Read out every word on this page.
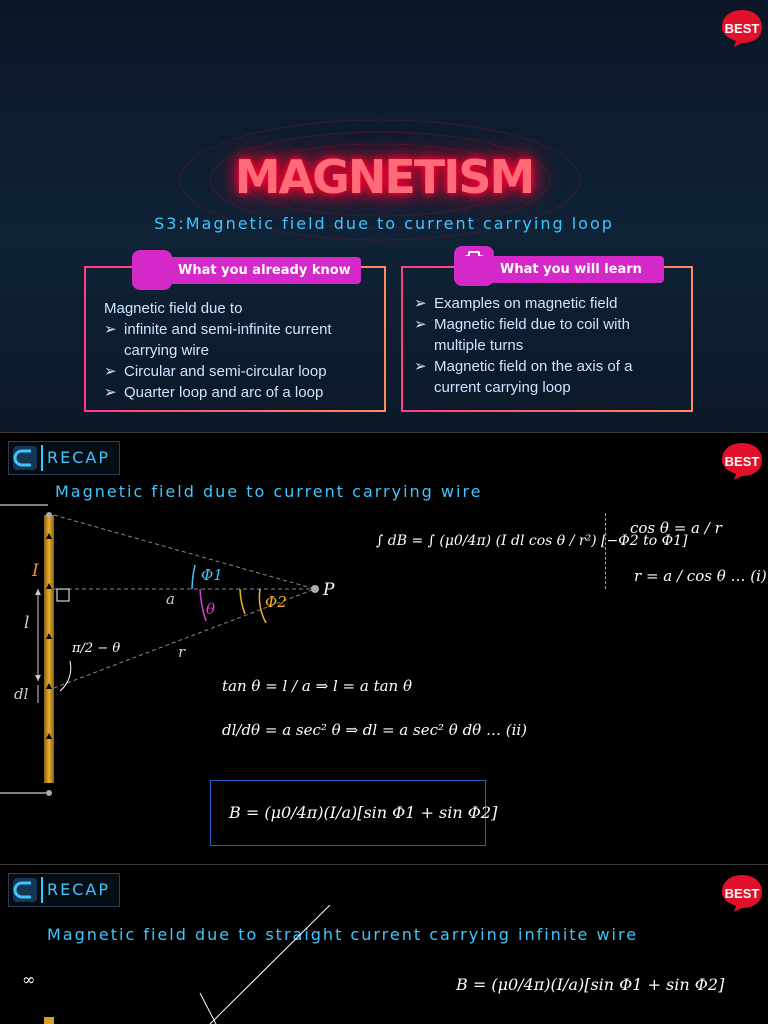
BEST
MAGNETISM
S3:Magnetic field due to current carrying loop
What you already know
Magnetic field due to
➢ infinite and semi-infinite current carrying wire
➢ Circular and semi-circular loop
➢ Quarter loop and arc of a loop
What you will learn
➢ Examples on magnetic field
➢ Magnetic field due to coil with multiple turns
➢ Magnetic field on the axis of a current carrying loop
RECAP	BEST
Magnetic field due to current carrying wire
I
l
dl
π/2 − θ
a
θ
r
Φ1
Φ2
P
∫ dB = ∫ (μ0/4π) (I dl cos θ / r²) [−Φ2 to Φ1]
cos θ = a / r
r = a / cos θ … (i)
tan θ = l / a ⇒ l = a tan θ
dl/dθ = a sec² θ ⇒ dl = a sec² θ dθ … (ii)
B = (μ0/4π)(I/a)[sin Φ1 + sin Φ2]
RECAP	BEST
Magnetic field due to straight current carrying infinite wire
∞	B = (μ0/4π)(I/a)[sin Φ1 + sin Φ2]
